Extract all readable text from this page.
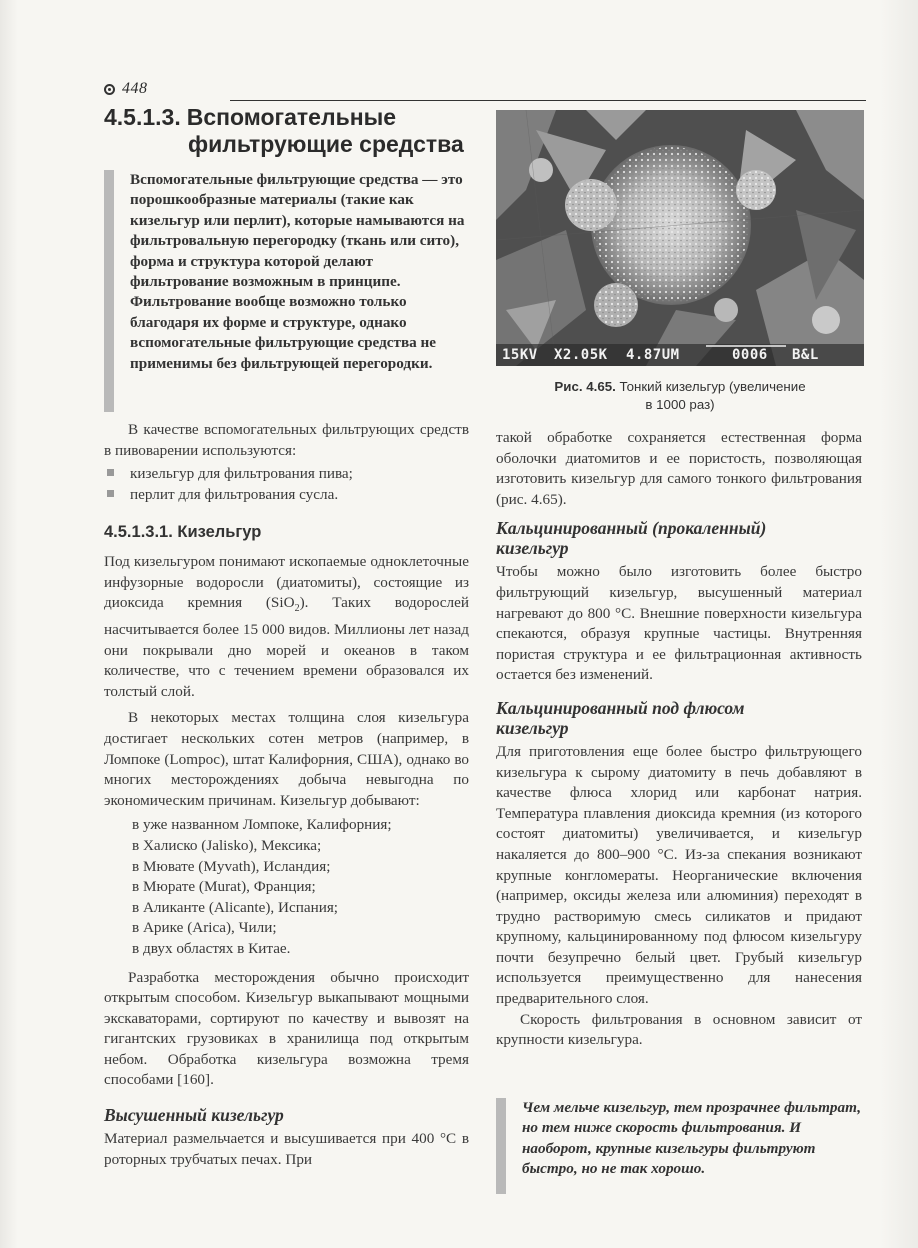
448
4.5.1.3. Вспомогательные
фильтрующие средства
Вспомогательные фильтрующие средства — это порошкообразные материалы (такие как кизельгур или перлит), которые намываются на фильтровальную перегородку (ткань или сито), форма и структура которой делают фильтрование возможным в принципе. Фильтрование вообще возможно только благодаря их форме и структуре, однако вспомогательные фильтрующие средства не применимы без фильтрующей перегородки.

В качестве вспомогательных фильтрующих средств в пивоварении используются:

кизельгур для фильтрования пива;
перлит для фильтрования сусла.
4.5.1.3.1. Кизельгур

Под кизельгуром понимают ископаемые одноклеточные инфузорные водоросли (диатомиты), состоящие из диоксида кремния (SiO$_2$). Таких водорослей насчитывается более 15 000 видов. Миллионы лет назад они покрывали дно морей и океанов в таком количестве, что с течением времени образовался их толстый слой.

В некоторых местах толщина слоя кизельгура достигает нескольких сотен метров (например, в Ломпоке (Lompoc), штат Калифорния, США), однако во многих месторождениях добыча невыгодна по экономическим причинам. Кизельгур добывают:

в уже названном Ломпоке, Калифорния;
в Халиско (Jalisko), Мексика;
в Мювате (Myvath), Исландия;
в Мюрате (Murat), Франция;
в Аликанте (Alicante), Испания;
в Арике (Arica), Чили;
в двух областях в Китае.

Разработка месторождения обычно происходит открытым способом. Кизельгур выкапывают мощными экскаваторами, сортируют по качеству и вывозят на гигантских грузовиках в хранилища под открытым небом. Обработка кизельгура возможна тремя способами [160].

Высушенный кизельгур

Материал размельчается и высушивается при 400 °C в роторных трубчатых печах. При

15KV X2.05K 4.87UM	0006 B&L
Рис. 4.65. Тонкий кизельгур (увеличение
в 1000 раз)

такой обработке сохраняется естественная форма оболочки диатомитов и ее пористость, позволяющая изготовить кизельгур для самого тонкого фильтрования (рис. 4.65).

Кальцинированный (прокаленный)
кизельгур

Чтобы можно было изготовить более быстро фильтрующий кизельгур, высушенный материал нагревают до 800 °C. Внешние поверхности кизельгура спекаются, образуя крупные частицы. Внутренняя пористая структура и ее фильтрационная активность остается без изменений.

Кальцинированный под флюсом
кизельгур

Для приготовления еще более быстро фильтрующего кизельгура к сырому диатомиту в печь добавляют в качестве флюса хлорид или карбонат натрия. Температура плавления диоксида кремния (из которого состоят диатомиты) увеличивается, и кизельгур накаляется до 800–900 °C. Из-за спекания возникают крупные конгломераты. Неорганические включения (например, оксиды железа или алюминия) переходят в трудно растворимую смесь силикатов и придают крупному, кальцинированному под флюсом кизельгуру почти безупречно белый цвет. Грубый кизельгур используется преимущественно для нанесения предварительного слоя.

Скорость фильтрования в основном зависит от крупности кизельгура.

Чем мельче кизельгур, тем прозрачнее фильтрат, но тем ниже скорость фильтрования. И наоборот, крупные кизельгуры фильтруют быстро, но не так хорошо.
